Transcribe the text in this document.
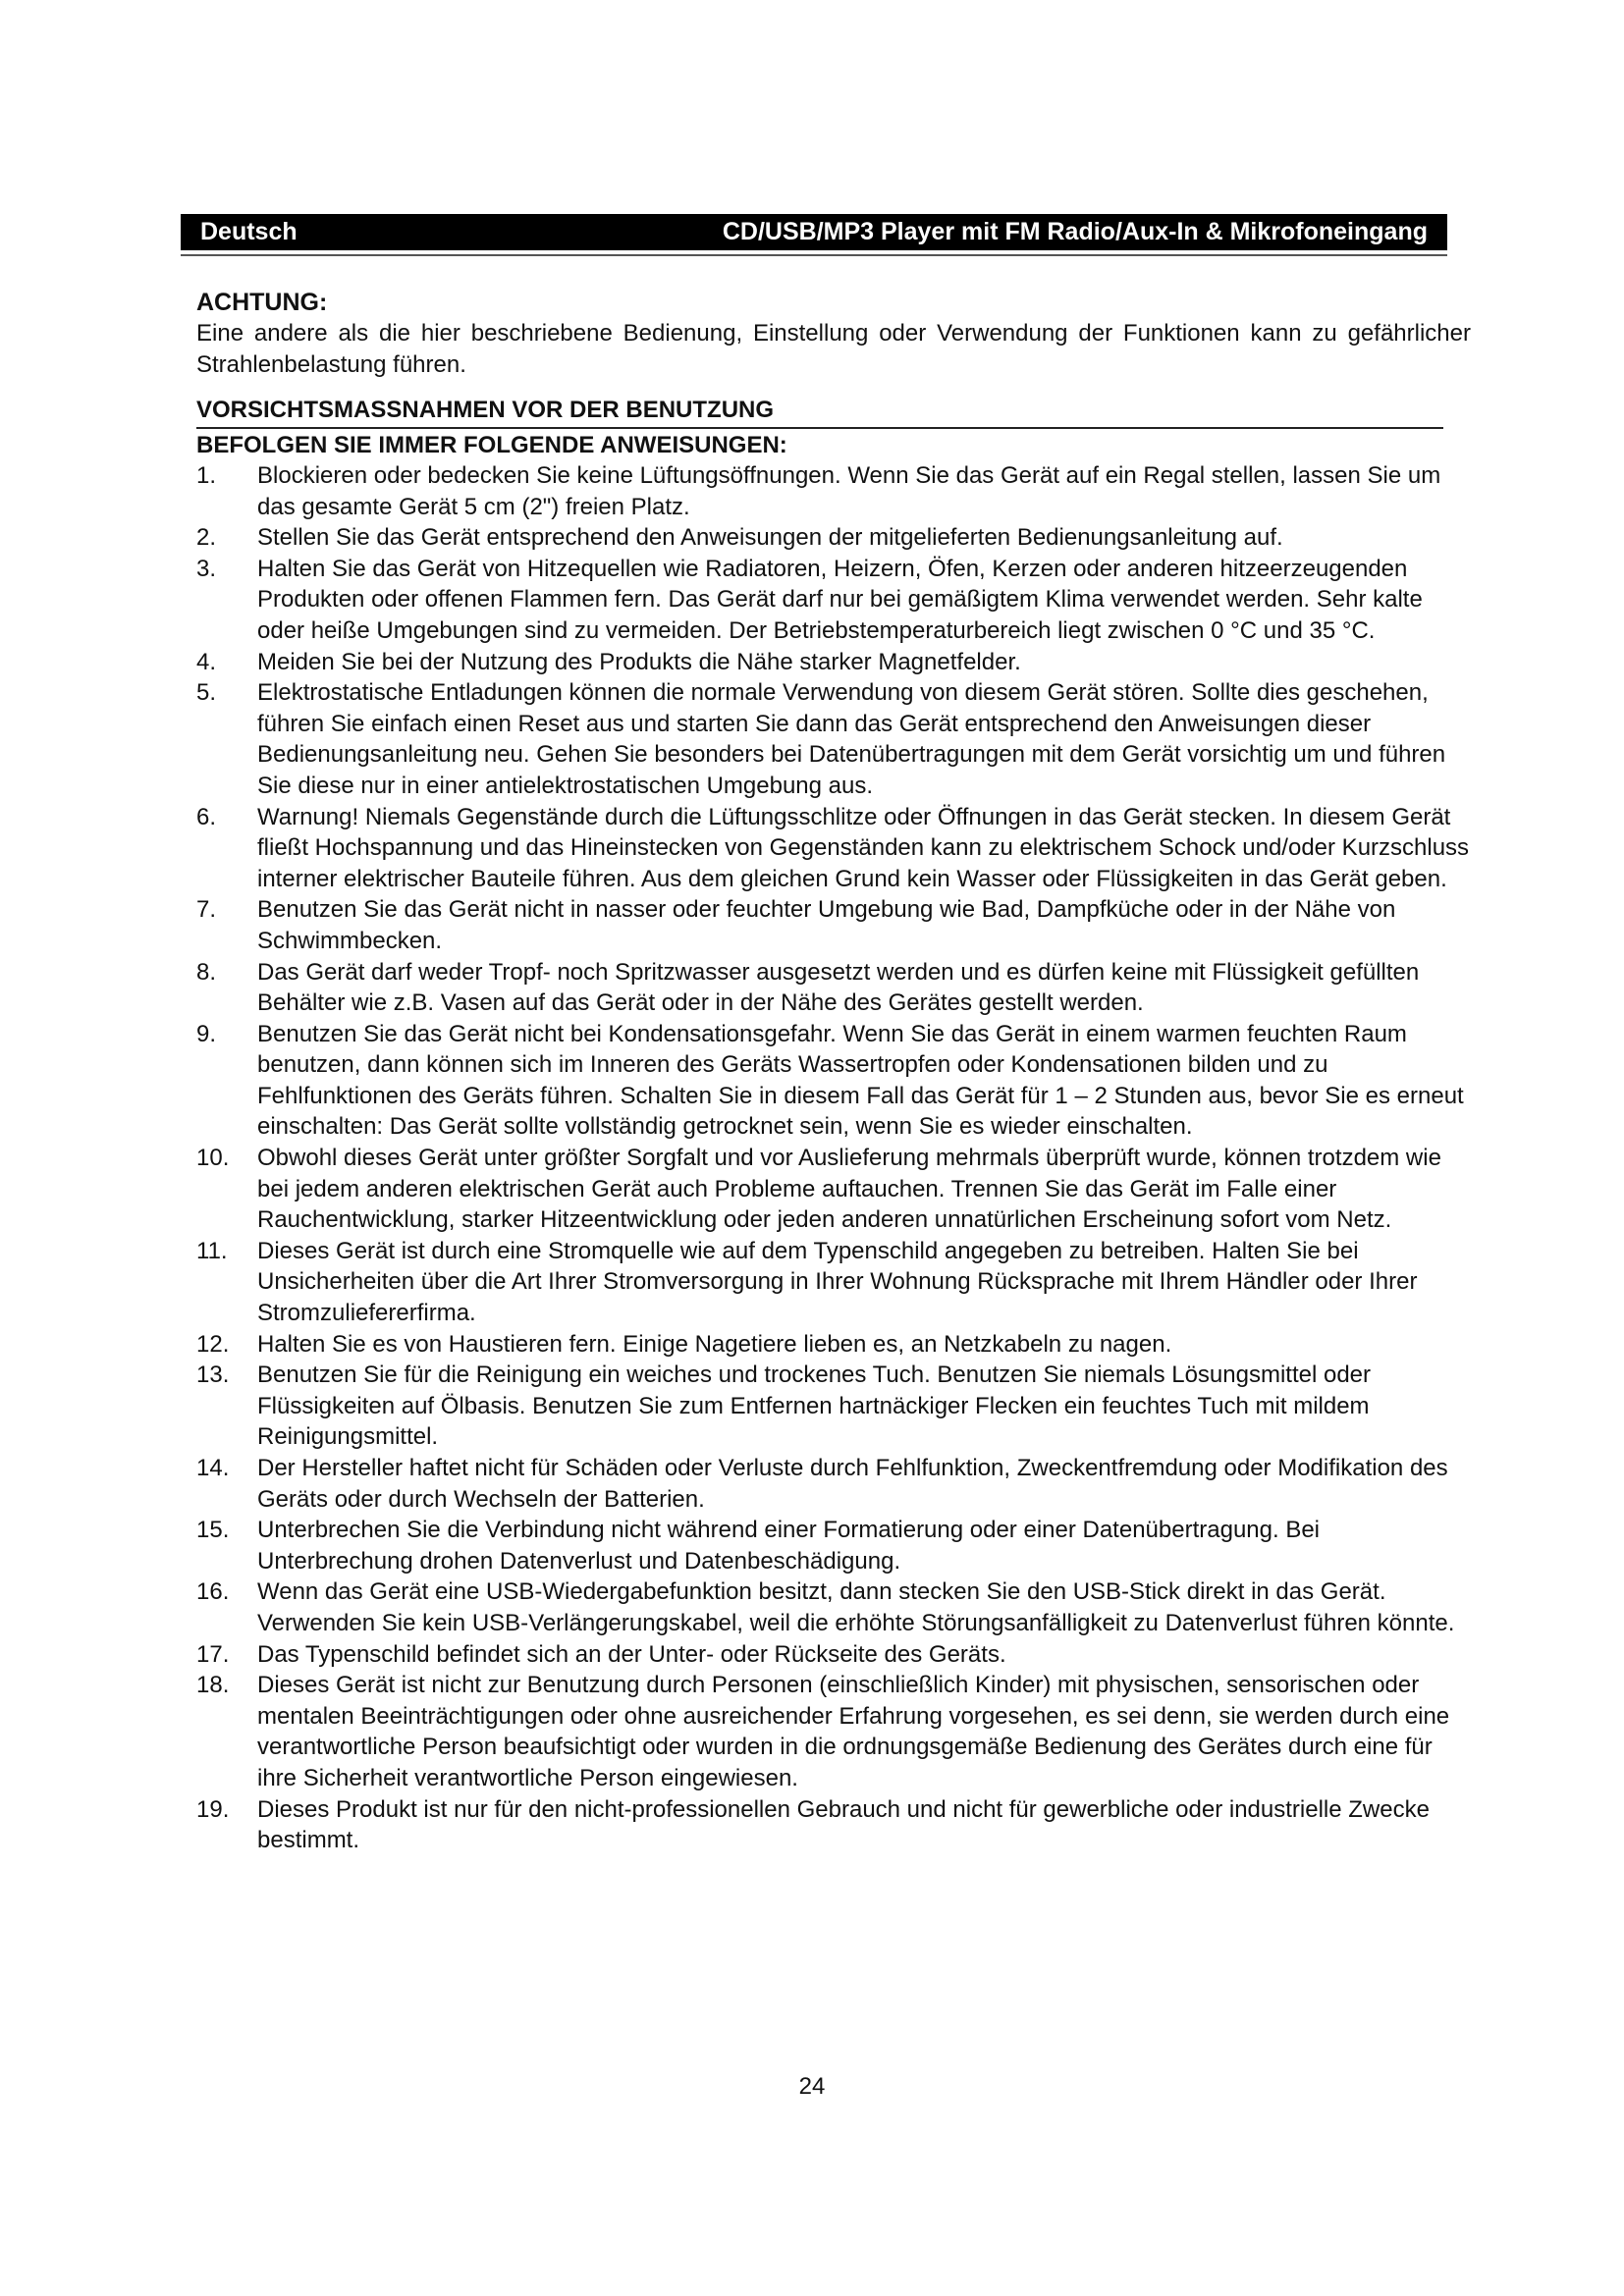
Deutsch	CD/USB/MP3 Player mit FM Radio/Aux-In & Mikrofoneingang

ACHTUNG:

Eine andere als die hier beschriebene Bedienung, Einstellung oder Verwendung der Funktionen kann zu gefährlicher Strahlenbelastung führen.

VORSICHTSMASSNAHMEN VOR DER BENUTZUNG

BEFOLGEN SIE IMMER FOLGENDE ANWEISUNGEN:

1.	Blockieren oder bedecken Sie keine Lüftungsöffnungen. Wenn Sie das Gerät auf ein Regal stellen, lassen Sie um das gesamte Gerät 5 cm (2") freien Platz.
2.	Stellen Sie das Gerät entsprechend den Anweisungen der mitgelieferten Bedienungsanleitung auf.
3.	Halten Sie das Gerät von Hitzequellen wie Radiatoren, Heizern, Öfen, Kerzen oder anderen hitzeerzeugenden Produkten oder offenen Flammen fern. Das Gerät darf nur bei gemäßigtem Klima verwendet werden. Sehr kalte oder heiße Umgebungen sind zu vermeiden. Der Betriebstemperaturbereich liegt zwischen 0 °C und 35 °C.
4.	Meiden Sie bei der Nutzung des Produkts die Nähe starker Magnetfelder.
5.	Elektrostatische Entladungen können die normale Verwendung von diesem Gerät stören. Sollte dies geschehen, führen Sie einfach einen Reset aus und starten Sie dann das Gerät entsprechend den Anweisungen dieser Bedienungsanleitung neu. Gehen Sie besonders bei Datenübertragungen mit dem Gerät vorsichtig um und führen Sie diese nur in einer antielektrostatischen Umgebung aus.
6.	Warnung! Niemals Gegenstände durch die Lüftungsschlitze oder Öffnungen in das Gerät stecken. In diesem Gerät fließt Hochspannung und das Hineinstecken von Gegenständen kann zu elektrischem Schock und/oder Kurzschluss interner elektrischer Bauteile führen. Aus dem gleichen Grund kein Wasser oder Flüssigkeiten in das Gerät geben.
7.	Benutzen Sie das Gerät nicht in nasser oder feuchter Umgebung wie Bad, Dampfküche oder in der Nähe von Schwimmbecken.
8.	Das Gerät darf weder Tropf- noch Spritzwasser ausgesetzt werden und es dürfen keine mit Flüssigkeit gefüllten Behälter wie z.B. Vasen auf das Gerät oder in der Nähe des Gerätes gestellt werden.
9.	Benutzen Sie das Gerät nicht bei Kondensationsgefahr. Wenn Sie das Gerät in einem warmen feuchten Raum benutzen, dann können sich im Inneren des Geräts Wassertropfen oder Kondensationen bilden und zu Fehlfunktionen des Geräts führen. Schalten Sie in diesem Fall das Gerät für 1 – 2 Stunden aus, bevor Sie es erneut einschalten: Das Gerät sollte vollständig getrocknet sein, wenn Sie es wieder einschalten.
10.	Obwohl dieses Gerät unter größter Sorgfalt und vor Auslieferung mehrmals überprüft wurde, können trotzdem wie bei jedem anderen elektrischen Gerät auch Probleme auftauchen. Trennen Sie das Gerät im Falle einer Rauchentwicklung, starker Hitzeentwicklung oder jeden anderen unnatürlichen Erscheinung sofort vom Netz.
11.	Dieses Gerät ist durch eine Stromquelle wie auf dem Typenschild angegeben zu betreiben. Halten Sie bei Unsicherheiten über die Art Ihrer Stromversorgung in Ihrer Wohnung Rücksprache mit Ihrem Händler oder Ihrer Stromzuliefererfirma.
12.	Halten Sie es von Haustieren fern. Einige Nagetiere lieben es, an Netzkabeln zu nagen.
13.	Benutzen Sie für die Reinigung ein weiches und trockenes Tuch. Benutzen Sie niemals Lösungsmittel oder Flüssigkeiten auf Ölbasis. Benutzen Sie zum Entfernen hartnäckiger Flecken ein feuchtes Tuch mit mildem Reinigungsmittel.
14.	Der Hersteller haftet nicht für Schäden oder Verluste durch Fehlfunktion, Zweckentfremdung oder Modifikation des Geräts oder durch Wechseln der Batterien.
15.	Unterbrechen Sie die Verbindung nicht während einer Formatierung oder einer Datenübertragung. Bei Unterbrechung drohen Datenverlust und Datenbeschädigung.
16.	Wenn das Gerät eine USB-Wiedergabefunktion besitzt, dann stecken Sie den USB-Stick direkt in das Gerät. Verwenden Sie kein USB-Verlängerungskabel, weil die erhöhte Störungsanfälligkeit zu Datenverlust führen könnte.
17.	Das Typenschild befindet sich an der Unter- oder Rückseite des Geräts.
18.	Dieses Gerät ist nicht zur Benutzung durch Personen (einschließlich Kinder) mit physischen, sensorischen oder mentalen Beeinträchtigungen oder ohne ausreichender Erfahrung vorgesehen, es sei denn, sie werden durch eine verantwortliche Person beaufsichtigt oder wurden in die ordnungsgemäße Bedienung des Gerätes durch eine für ihre Sicherheit verantwortliche Person eingewiesen.
19.	Dieses Produkt ist nur für den nicht-professionellen Gebrauch und nicht für gewerbliche oder industrielle Zwecke bestimmt.
24
